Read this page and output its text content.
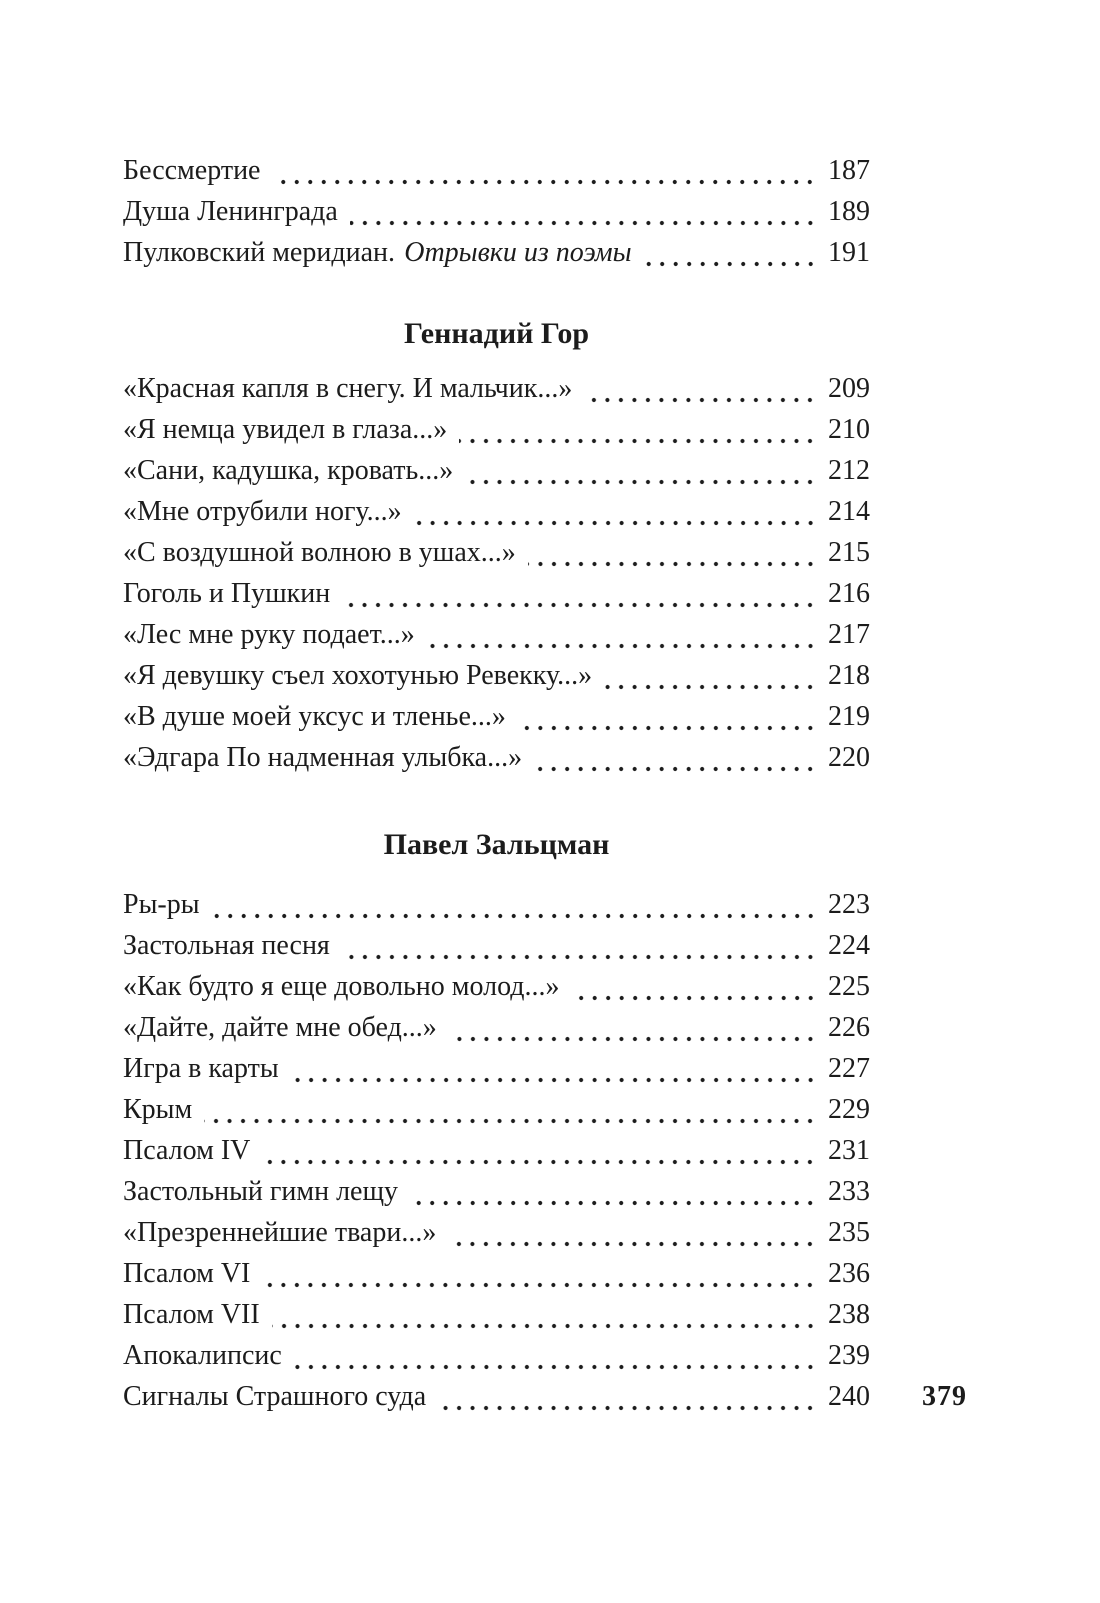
Бессмертие	187
Душа Ленинграда	189
Пулковский меридиан. Отрывки из поэмы	191
Геннадий Гор
«Красная капля в снегу. И мальчик...»	209
«Я немца увидел в глаза...»	210
«Сани, кадушка, кровать...»	212
«Мне отрубили ногу...»	214
«С воздушной волною в ушах...»	215
Гоголь и Пушкин	216
«Лес мне руку подает...»	217
«Я девушку съел хохотунью Ревекку...»	218
«В душе моей уксус и тленье...»	219
«Эдгара По надменная улыбка...»	220
Павел Зальцман
Ры-ры	223
Застольная песня	224
«Как будто я еще довольно молод...»	225
«Дайте, дайте мне обед...»	226
Игра в карты	227
Крым	229
Псалом IV	231
Застольный гимн лещу	233
«Презреннейшие твари...»	235
Псалом VI	236
Псалом VII	238
Апокалипсис	239
Сигналы Страшного суда	240 379
